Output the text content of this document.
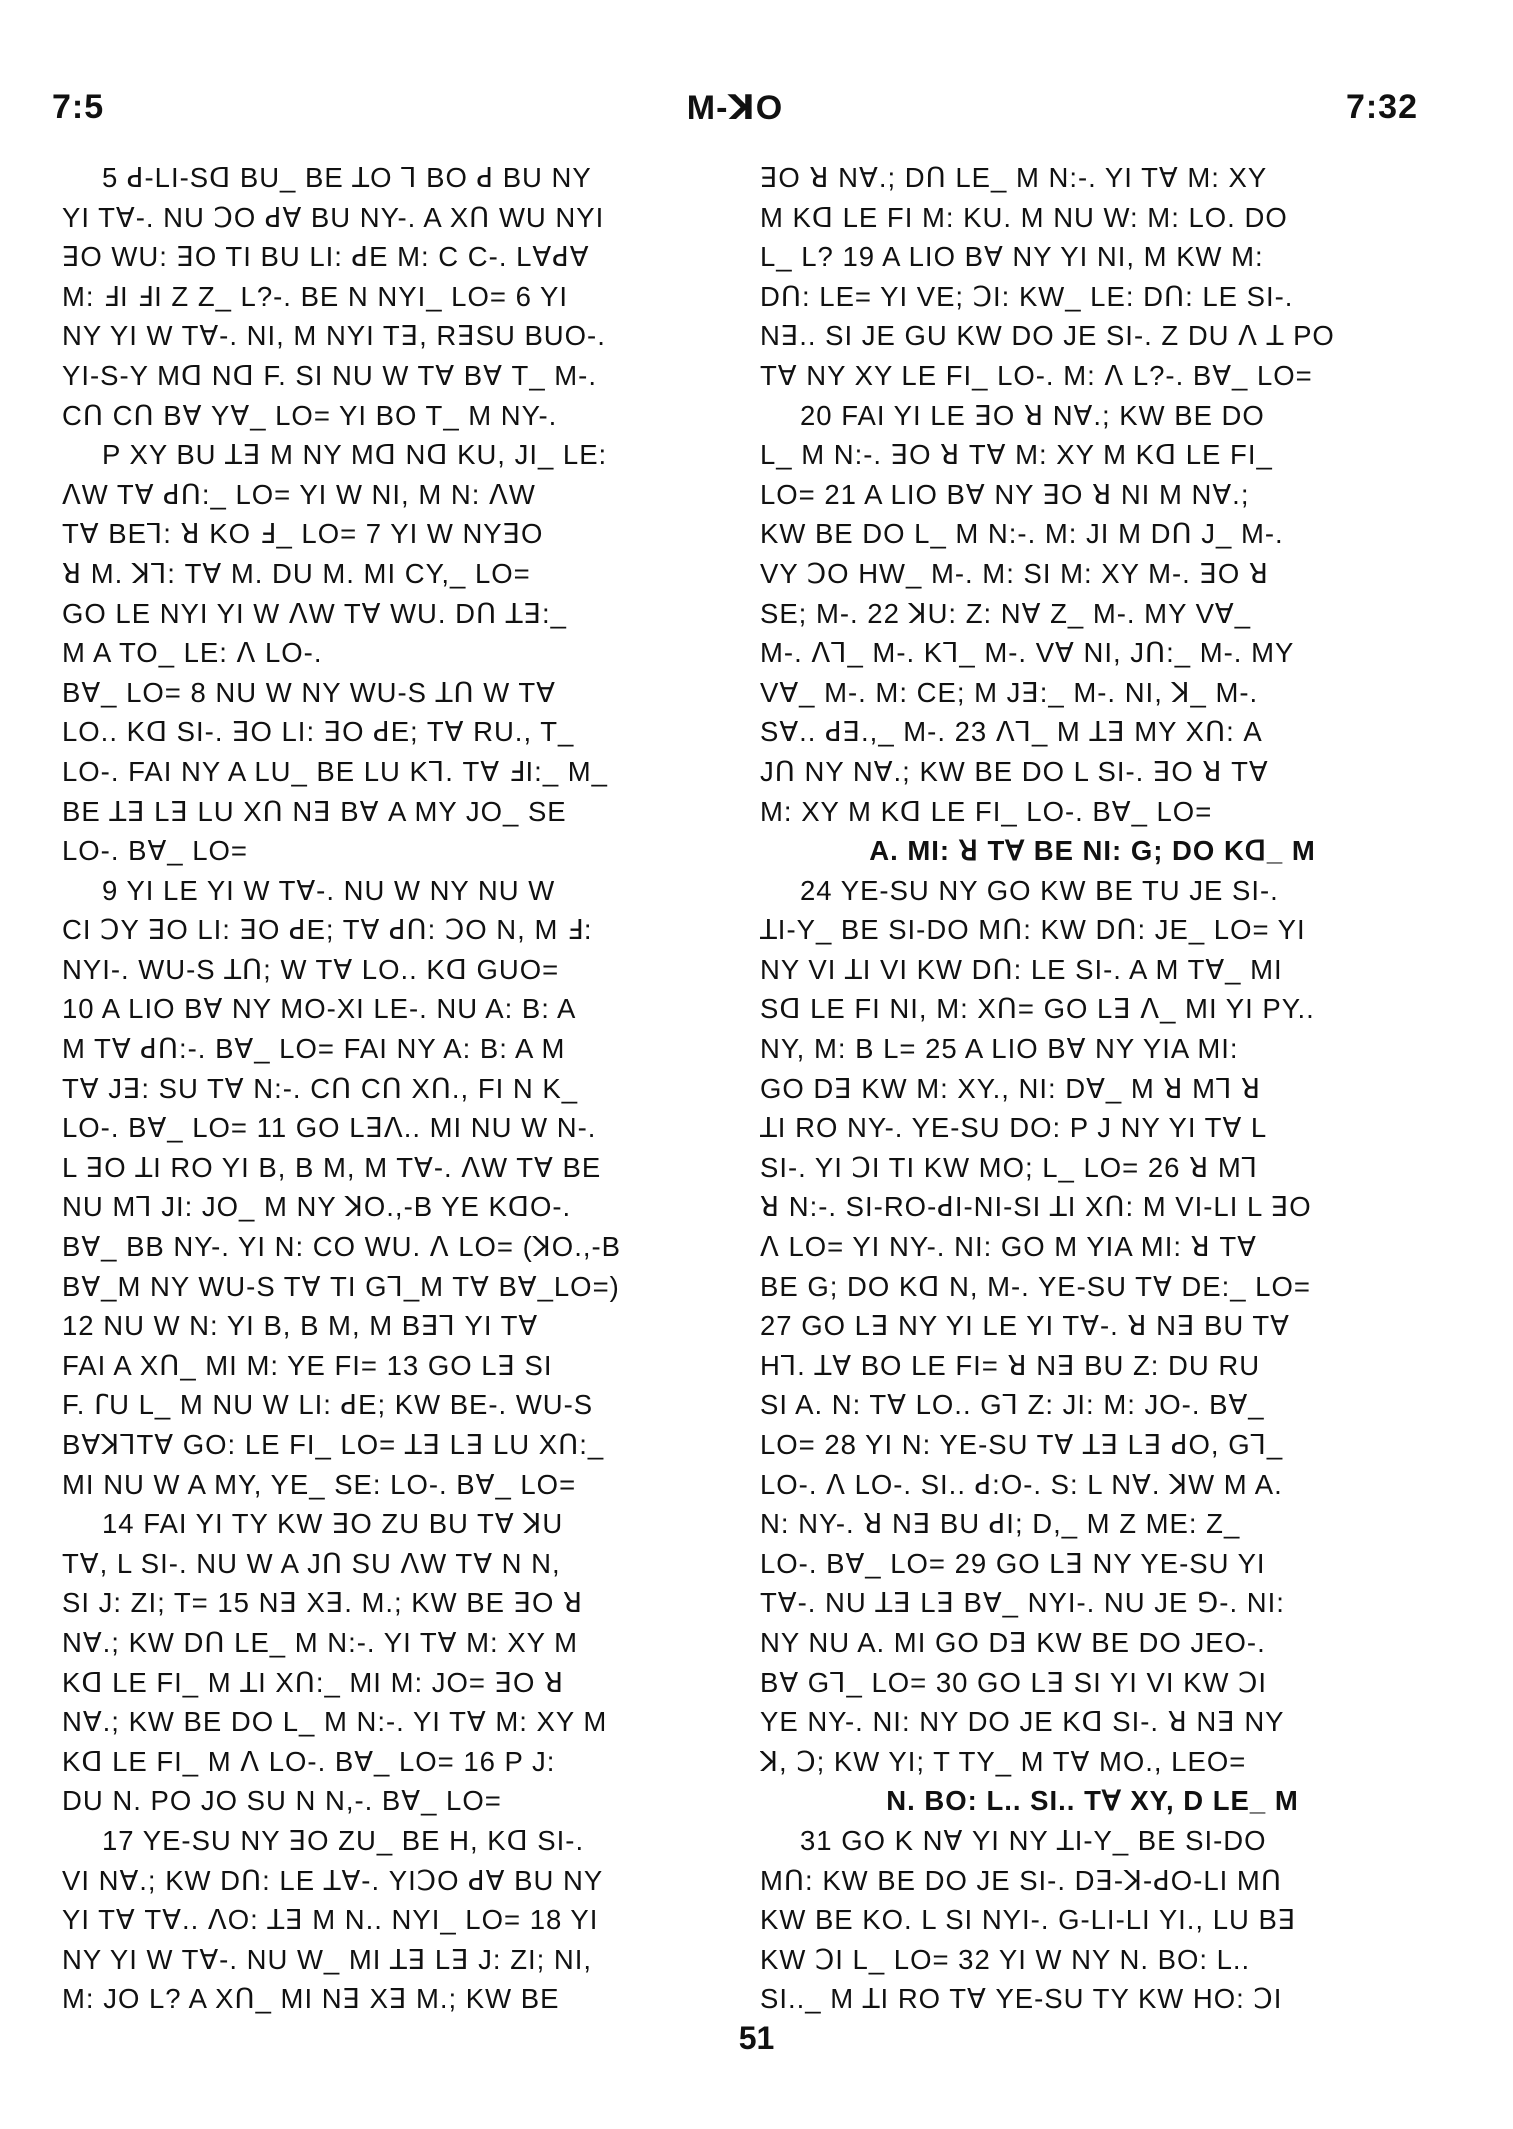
7:5	M-ꓘO	7:32

5 ꓒ-LI-Sꓷ BU_ BE ꓕO ꓶ BO ꓒ BU NY

YI Tꓯ-. NU ꓛO ꓒꓯ BU NY-. A Xꓵ WU NYI

ꓱO WU: ꓱO TI BU LI: ꓒE M: C C-. Lꓯꓒꓯ

M: ꓞI ꓞI Z Z_ L?-. BE N NYI_ LO= 6 YI

NY YI W Tꓯ-. NI, M NYI Tꓱ, RꓱSU BUO-.

YI-S-Y Mꓷ Nꓷ F. SI NU W Tꓯ Bꓯ T_ M-.

Cꓵ Cꓵ Bꓯ Yꓯ_ LO= YI BO T_ M NY-.

P XY BU ꓕꓱ M NY Mꓷ Nꓷ KU, JI_ LE:

ꓥW Tꓯ ꓒꓵ:_ LO= YI W NI, M N: ꓥW

Tꓯ BEꓶ: ꓤ KO ꓞ_ LO= 7 YI W NYꓱO

ꓤ M. ꓘꓶ: Tꓯ M. DU M. MI CY,_ LO=

GO LE NYI YI W ꓥW Tꓯ WU. Dꓵ ꓕꓱ:_

M A TO_ LE: ꓥ LO-.

Bꓯ_ LO= 8 NU W NY WU-S ꓕꓵ W Tꓯ

LO.. Kꓷ SI-. ꓱO LI: ꓱO ꓒE; Tꓯ RU., T_

LO-. FAI NY A LU_ BE LU Kꓶ. Tꓯ ꓞI:_ M_

BE ꓕꓱ Lꓱ LU Xꓵ Nꓱ Bꓯ A MY JO_ SE

LO-. Bꓯ_ LO=

9 YI LE YI W Tꓯ-. NU W NY NU W

CI ꓛY ꓱO LI: ꓱO ꓒE; Tꓯ ꓒꓵ: ꓛO N, M ꓞ:

NYI-. WU-S ꓕꓵ; W Tꓯ LO.. Kꓷ GUO=

10 A LIO Bꓯ NY MO-XI LE-. NU A: B: A

M Tꓯ ꓒꓵ:-. Bꓯ_ LO= FAI NY A: B: A M

Tꓯ Jꓱ: SU Tꓯ N:-. Cꓵ Cꓵ Xꓵ., FI N K_

LO-. Bꓯ_ LO= 11 GO Lꓱꓥ.. MI NU W N-.

L ꓱO ꓕI RO YI B, B M, M Tꓯ-. ꓥW Tꓯ BE

NU Mꓶ JI: JO_ M NY ꓘO.,-B YE KꓷO-.

Bꓯ_ BB NY-. YI N: CO WU. ꓥ LO= (ꓘO.,-B

Bꓯ_M NY WU-S Tꓯ TI Gꓶ_M Tꓯ Bꓯ_LO=)

12 NU W N: YI B, B M, M Bꓱꓶ YI Tꓯ

FAI A Xꓵ_ MI M: YE FI= 13 GO Lꓱ SI

F. ꓩU L_ M NU W LI: ꓒE; KW BE-. WU-S

BꓯꓘꓶTꓯ GO: LE FI_ LO= ꓕꓱ Lꓱ LU Xꓵ:_

MI NU W A MY, YE_ SE: LO-. Bꓯ_ LO=

14 FAI YI TY KW ꓱO ZU BU Tꓯ ꓘU

Tꓯ, L SI-. NU W A Jꓵ SU ꓥW Tꓯ N N,

SI J: ZI; T= 15 Nꓱ Xꓱ. M.; KW BE ꓱO ꓤ

Nꓯ.; KW Dꓵ LE_ M N:-. YI Tꓯ M: XY M

Kꓷ LE FI_ M ꓕI Xꓵ:_ MI M: JO= ꓱO ꓤ

Nꓯ.; KW BE DO L_ M N:-. YI Tꓯ M: XY M

Kꓷ LE FI_ M ꓥ LO-. Bꓯ_ LO= 16 P J:

DU N. PO JO SU N N,-. Bꓯ_ LO=

17 YE-SU NY ꓱO ZU_ BE H, Kꓷ SI-.

VI Nꓯ.; KW Dꓵ: LE ꓕꓯ-. YIꓛO ꓒꓯ BU NY

YI Tꓯ Tꓯ.. ꓥO: ꓕꓱ M N.. NYI_ LO= 18 YI

NY YI W Tꓯ-. NU W_ MI ꓕꓱ Lꓱ J: ZI; NI,

M: JO L? A Xꓵ_ MI Nꓱ Xꓱ M.; KW BE

ꓱO ꓤ Nꓯ.; Dꓵ LE_ M N:-. YI Tꓯ M: XY

M Kꓷ LE FI M: KU. M NU W: M: LO. DO

L_ L? 19 A LIO Bꓯ NY YI NI, M KW M:

Dꓵ: LE= YI VE; ꓛI: KW_ LE: Dꓵ: LE SI-.

Nꓱ.. SI JE GU KW DO JE SI-. Z DU ꓥ ꓕ PO

Tꓯ NY XY LE FI_ LO-. M: ꓥ L?-. Bꓯ_ LO=

20 FAI YI LE ꓱO ꓤ Nꓯ.; KW BE DO

L_ M N:-. ꓱO ꓤ Tꓯ M: XY M Kꓷ LE FI_

LO= 21 A LIO Bꓯ NY ꓱO ꓤ NI M Nꓯ.;

KW BE DO L_ M N:-. M: JI M Dꓵ J_ M-.

VY ꓛO HW_ M-. M: SI M: XY M-. ꓱO ꓤ

SE; M-. 22 ꓘU: Z: Nꓯ Z_ M-. MY Vꓯ_

M-. ꓥꓶ_ M-. Kꓶ_ M-. Vꓯ NI, Jꓵ:_ M-. MY

Vꓯ_ M-. M: CE; M Jꓱ:_ M-. NI, ꓘ_ M-.

Sꓯ.. ꓒꓱ.,_ M-. 23 ꓥꓶ_ M ꓕꓱ MY Xꓵ: A

Jꓵ NY Nꓯ.; KW BE DO L SI-. ꓱO ꓤ Tꓯ

M: XY M Kꓷ LE FI_ LO-. Bꓯ_ LO=

A. MI: ꓤ Tꓯ BE NI: G; DO Kꓷ_ M

24 YE-SU NY GO KW BE TU JE SI-.

ꓕI-Y_ BE SI-DO Mꓵ: KW Dꓵ: JE_ LO= YI

NY VI ꓕI VI KW Dꓵ: LE SI-. A M Tꓯ_ MI

Sꓷ LE FI NI, M: Xꓵ= GO Lꓱ ꓥ_ MI YI PY..

NY, M: B L= 25 A LIO Bꓯ NY YIA MI:

GO Dꓱ KW M: XY., NI: Dꓯ_ M ꓤ Mꓶ ꓤ

ꓕI RO NY-. YE-SU DO: P J NY YI Tꓯ L

SI-. YI ꓛI TI KW MO; L_ LO= 26 ꓤ Mꓶ

ꓤ N:-. SI-RO-ꓒI-NI-SI ꓕI Xꓵ: M VI-LI L ꓱO

ꓥ LO= YI NY-. NI: GO M YIA MI: ꓤ Tꓯ

BE G; DO Kꓷ N, M-. YE-SU Tꓯ DE:_ LO=

27 GO Lꓱ NY YI LE YI Tꓯ-. ꓤ Nꓱ BU Tꓯ

Hꓶ. ꓕꓯ BO LE FI= ꓤ Nꓱ BU Z: DU RU

SI A. N: Tꓯ LO.. Gꓶ Z: JI: M: JO-. Bꓯ_

LO= 28 YI N: YE-SU Tꓯ ꓕꓱ Lꓱ ꓒO, Gꓶ_

LO-. ꓥ LO-. SI.. ꓒ:O-. S: L Nꓯ. ꓘW M A.

N: NY-. ꓤ Nꓱ BU ꓒI; D,_ M Z ME: Z_

LO-. Bꓯ_ LO= 29 GO Lꓱ NY YE-SU YI

Tꓯ-. NU ꓕꓱ Lꓱ Bꓯ_ NYI-. NU JE ꓨ-. NI:

NY NU A. MI GO Dꓱ KW BE DO JEO-.

Bꓯ Gꓶ_ LO= 30 GO Lꓱ SI YI VI KW ꓛI

YE NY-. NI: NY DO JE Kꓷ SI-. ꓤ Nꓱ NY

ꓘ, ꓛ; KW YI; T TY_ M Tꓯ MO., LEO=

N. BO: L.. SI.. Tꓯ XY, D LE_ M

31 GO K Nꓯ YI NY ꓕI-Y_ BE SI-DO

Mꓵ: KW BE DO JE SI-. Dꓱ-ꓘ-ꓒO-LI Mꓵ

KW BE KO. L SI NYI-. G-LI-LI YI., LU Bꓱ

KW ꓛI L_ LO= 32 YI W NY N. BO: L..

SI.._ M ꓕI RO Tꓯ YE-SU TY KW HO: ꓛI

51
